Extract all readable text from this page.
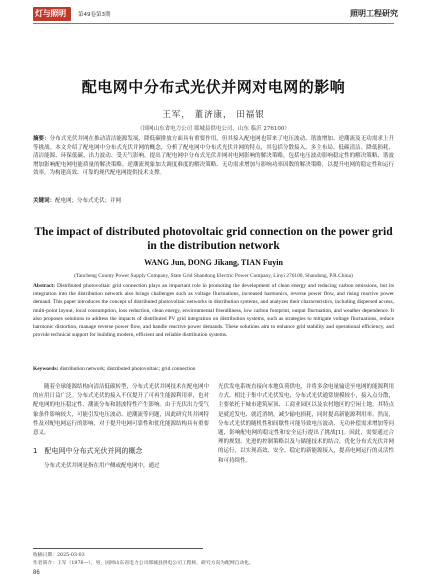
灯与照明 第49卷第3期	照明工程研究
配电网中分布式光伏并网对电网的影响
王军， 董济康， 田福银
（国网山东省电力公司 郯城县供电公司，山东 临沂 276100）
摘要：分布式光伏并网在推动清洁能源发展、降低碳排放方面具有重要作用，但其接入配电网也带来了电压波动、谐波增加、逆潮流及无功需求上升等挑战。本文介绍了配电网中分布式光伏并网的概念，分析了配电网中分布式光伏并网的特点，其包括分散接入、多主布局、低碳清洁、降低损耗、清洁能源、环保低碳、出力波动、受天气影响。提出了配电网中分布式光伏并网对电网影响的解决策略，包括电压波动影响稳定性的解决策略、谐波增加影响配电网电能质量的解决策略、逆潮流现象加大调度难度的解决策略、无功需求增加与影响功率因数的解决策略，以提升电网的稳定性和运行效率，为构建高效、可靠的现代配电网提供技术支撑。
关键词：配电网；分布式光伏；并网
The impact of distributed photovoltaic grid connection on the power grid in the distribution network
WANG Jun, DONG Jikang, TIAN Fuyin
(Tancheng County Power Supply Company, State Grid Shandong Electric Power Company, Linyi 276100, Shandong, P.R.China)
Abstract: Distributed photovoltaic grid connection plays an important role in promoting the development of clean energy and reducing carbon emissions, but its integration into the distribution network also brings challenges such as voltage fluctuations, increased harmonics, reverse power flow, and rising reactive power demand. This paper introduces the concept of distributed photovoltaic networks in distribution systems, and analyzes their characteristics, including dispersed access, multi-point layout, local consumption, loss reduction, clean energy, environmental friendliness, low carbon footprint, output fluctuation, and weather dependence. It also proposes solutions to address the impacts of distributed PV grid integration on distribution systems, such as strategies to mitigate voltage fluctuations, reduce harmonic distortion, manage reverse power flow, and handle reactive power demands. These solutions aim to enhance grid stability and operational efficiency, and provide technical support for building modern, efficient and reliable distribution systems.
Keywords: distribution network; distributed photovoltaic; grid connection

随着全球能源结构向清洁低碳转型，分布式光伏并网技术在配电网中的应用日益广泛。分布式光伏的接入不仅提升了可再生能源利用率，也对配电网的电压稳定性、潮流分布和谐波特性产生影响。由于光伏出力受气象条件影响较大，可能引发电压波动、逆潮流等问题，因此研究其并网特性及对配电网运行的影响，对于提升电网可靠性和优化能源结构具有重要意义。

1　配电网中分布式光伏并网的概念
分布式光伏并网是指在用户侧或配电网中，通过

光伏发电系统直接向本地负荷供电，并将多余电量输送至电网的能源利用方式。相比于集中式光伏发电，分布式光伏通常规模较小，接入点分散，主要依托于城市建筑屋顶、工商业园区以及农村地区的空闲土地。其特点是就近发电、就近消纳，减少输电损耗，同时提高新能源利用率。然而，分布式光伏的随机性和间歇性可能导致电压波动、无功补偿需求增加等问题，影响配电网的稳定性和安全运行提出了挑战[1]。因此，需要通过合理的规划、先进的控制策略以及与储能技术的结合，优化分布式光伏并网的运行，以实现高效、安全、稳定的新能源接入，提高电网运行的灵活性和可持续性。

收稿日期：2025-03-03
作者简介：王军（1976—），男，国网山东省电力公司郯城县供电公司工程师，研究方向为配网自动化。
86
